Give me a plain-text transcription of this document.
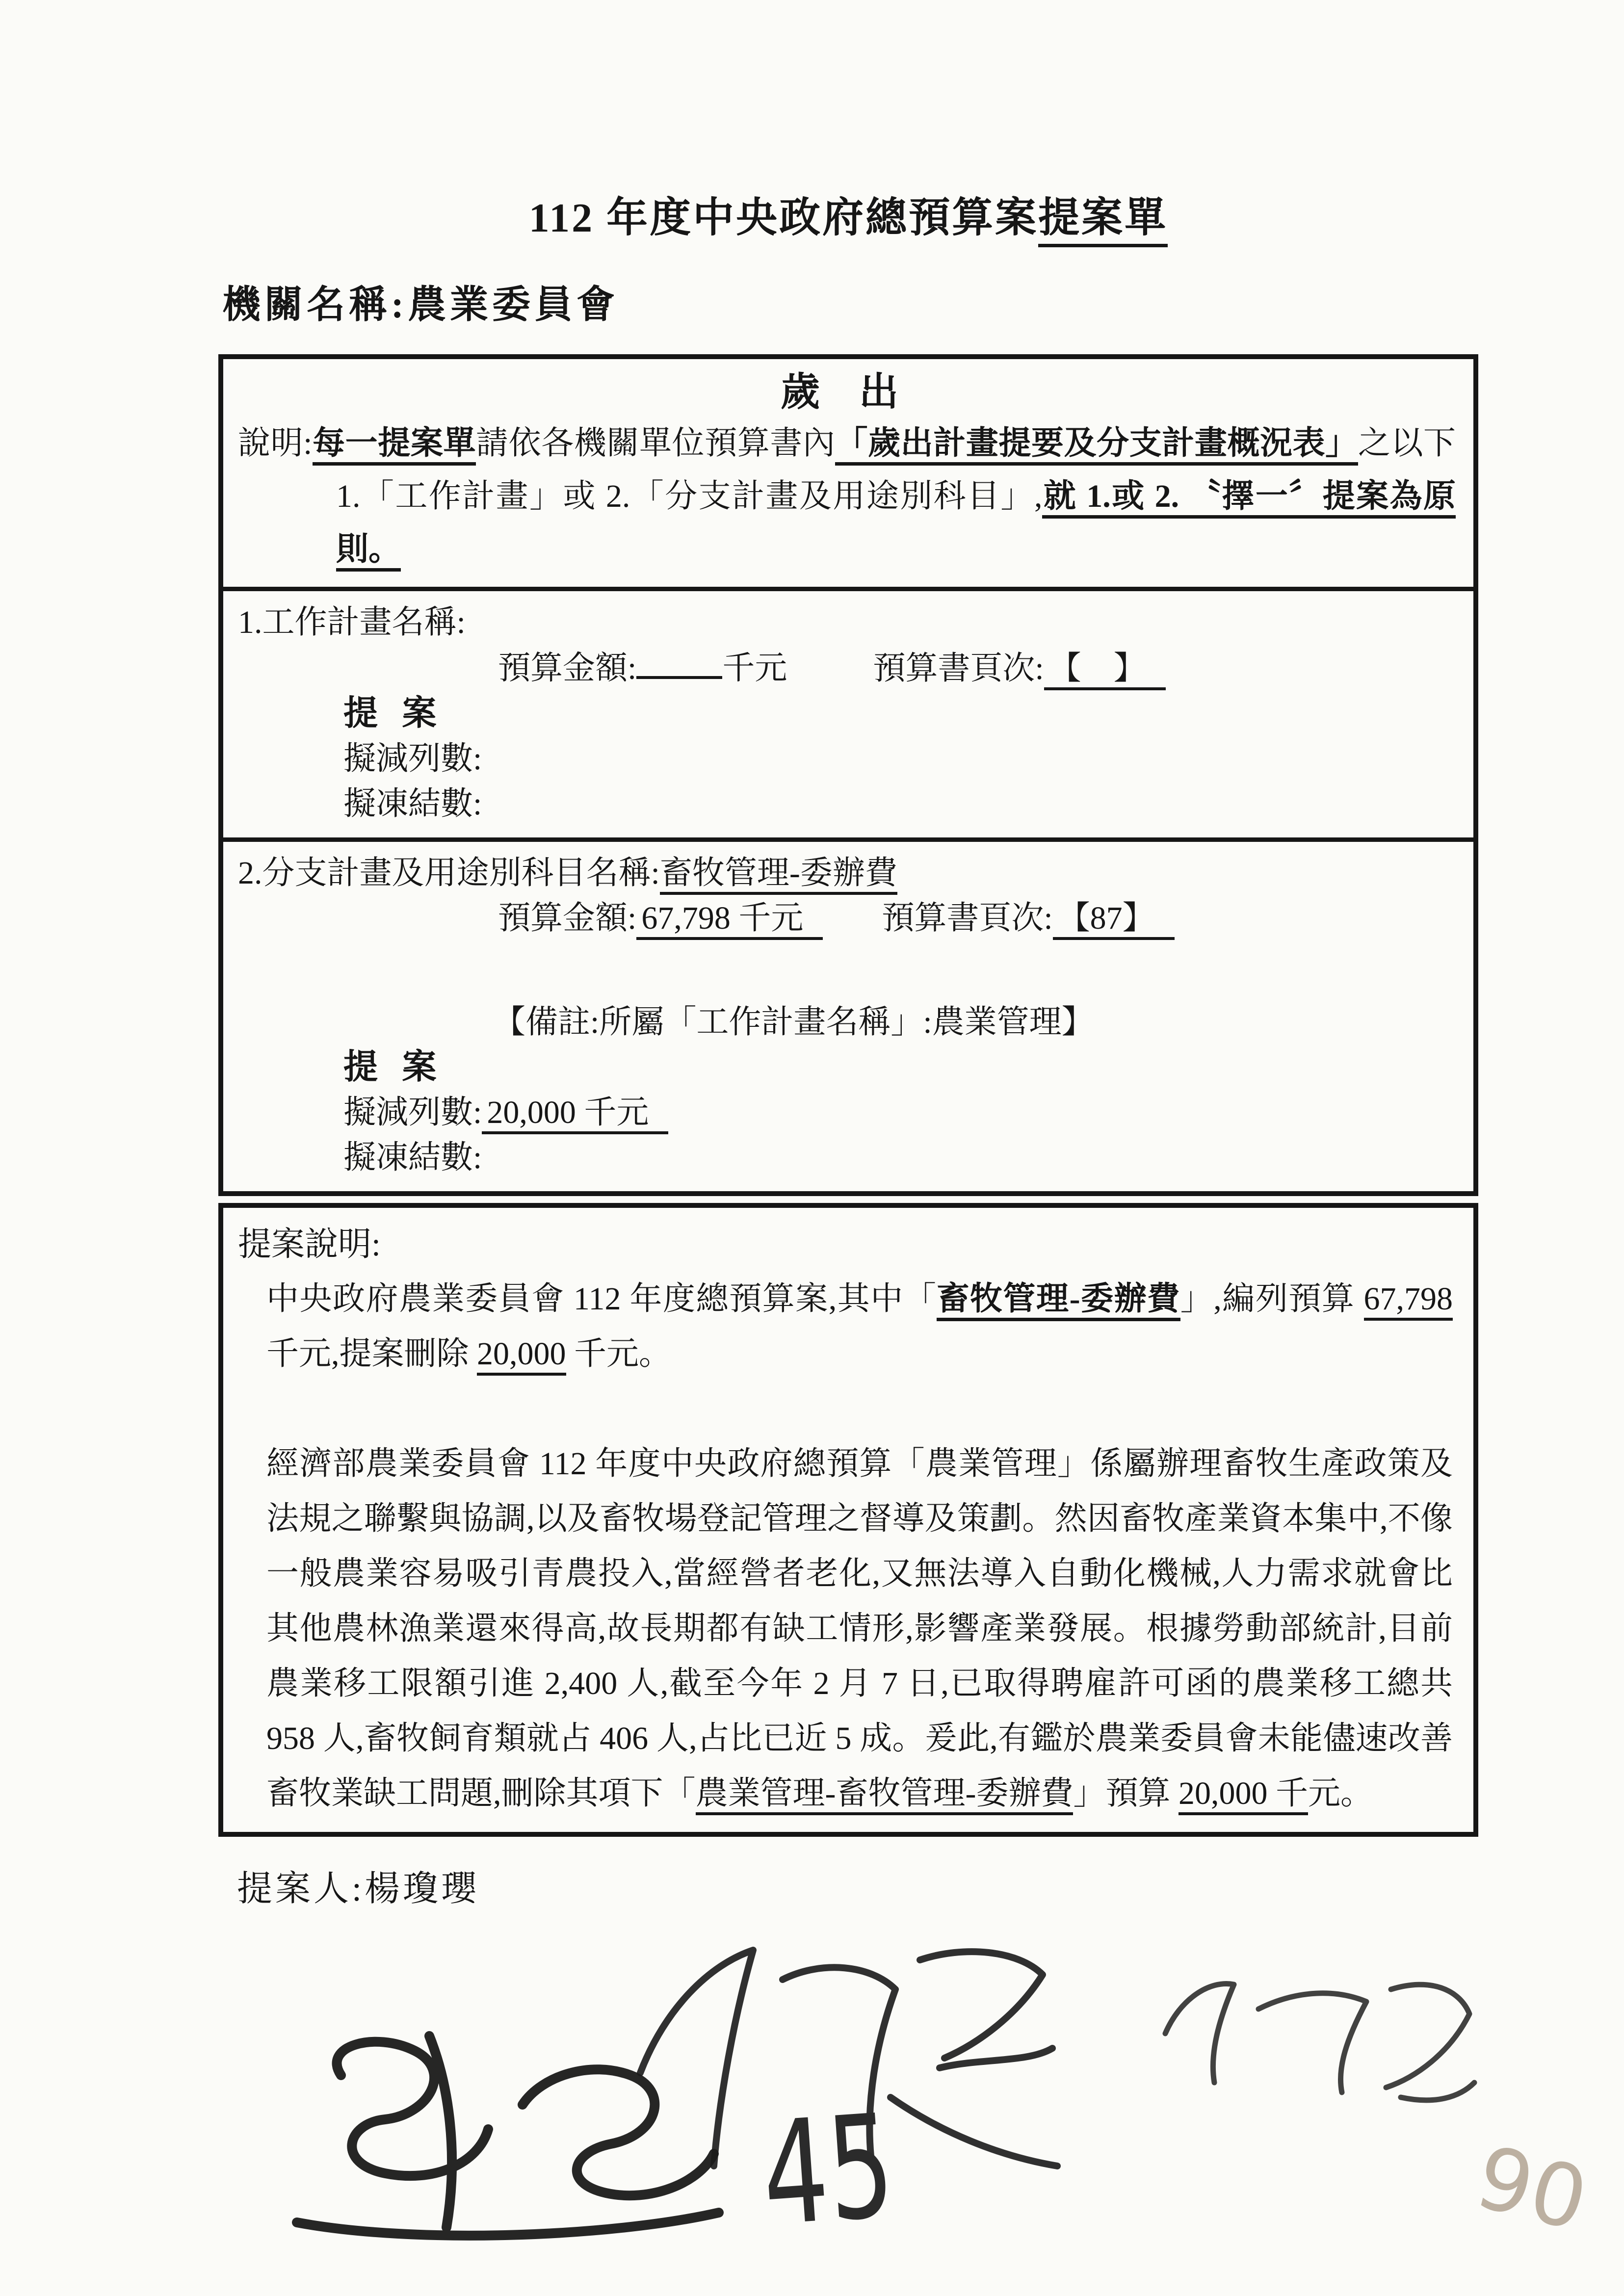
112 年度中央政府總預算案提案單
機關名稱:農業委員會
歲 出

說明:每一提案單請依各機關單位預算書內「歲出計畫提要及分支計畫概況表」之以下 1.「工作計畫」或 2.「分支計畫及用途別科目」,就 1.或 2. 〝擇一〞提案為原則。

1.工作計畫名稱:
預算金額:	千元	預算書頁次: 【　】
提 案
擬減列數:
擬凍結數:
2.分支計畫及用途別科目名稱:畜牧管理-委辦費
預算金額: 67,798 千元 預算書頁次: 【87】
【備註:所屬「工作計畫名稱」:農業管理】
提 案
擬減列數: 20,000 千元
擬凍結數:
提案說明:

中央政府農業委員會 112 年度總預算案,其中「畜牧管理-委辦費」,編列預算 67,798 千元,提案刪除 20,000 千元。

經濟部農業委員會 112 年度中央政府總預算「農業管理」係屬辦理畜牧生產政策及法規之聯繫與協調,以及畜牧場登記管理之督導及策劃。然因畜牧產業資本集中,不像一般農業容易吸引青農投入,當經營者老化,又無法導入自動化機械,人力需求就會比其他農林漁業還來得高,故長期都有缺工情形,影響產業發展。根據勞動部統計,目前農業移工限額引進 2,400 人,截至今年 2 月 7 日,已取得聘雇許可函的農業移工總共 958 人,畜牧飼育類就占 406 人,占比已近 5 成。爰此,有鑑於農業委員會未能儘速改善畜牧業缺工問題,刪除其項下「農業管理-畜牧管理-委辦費」預算 20,000 千元。

提案人:楊瓊瓔
45	90
